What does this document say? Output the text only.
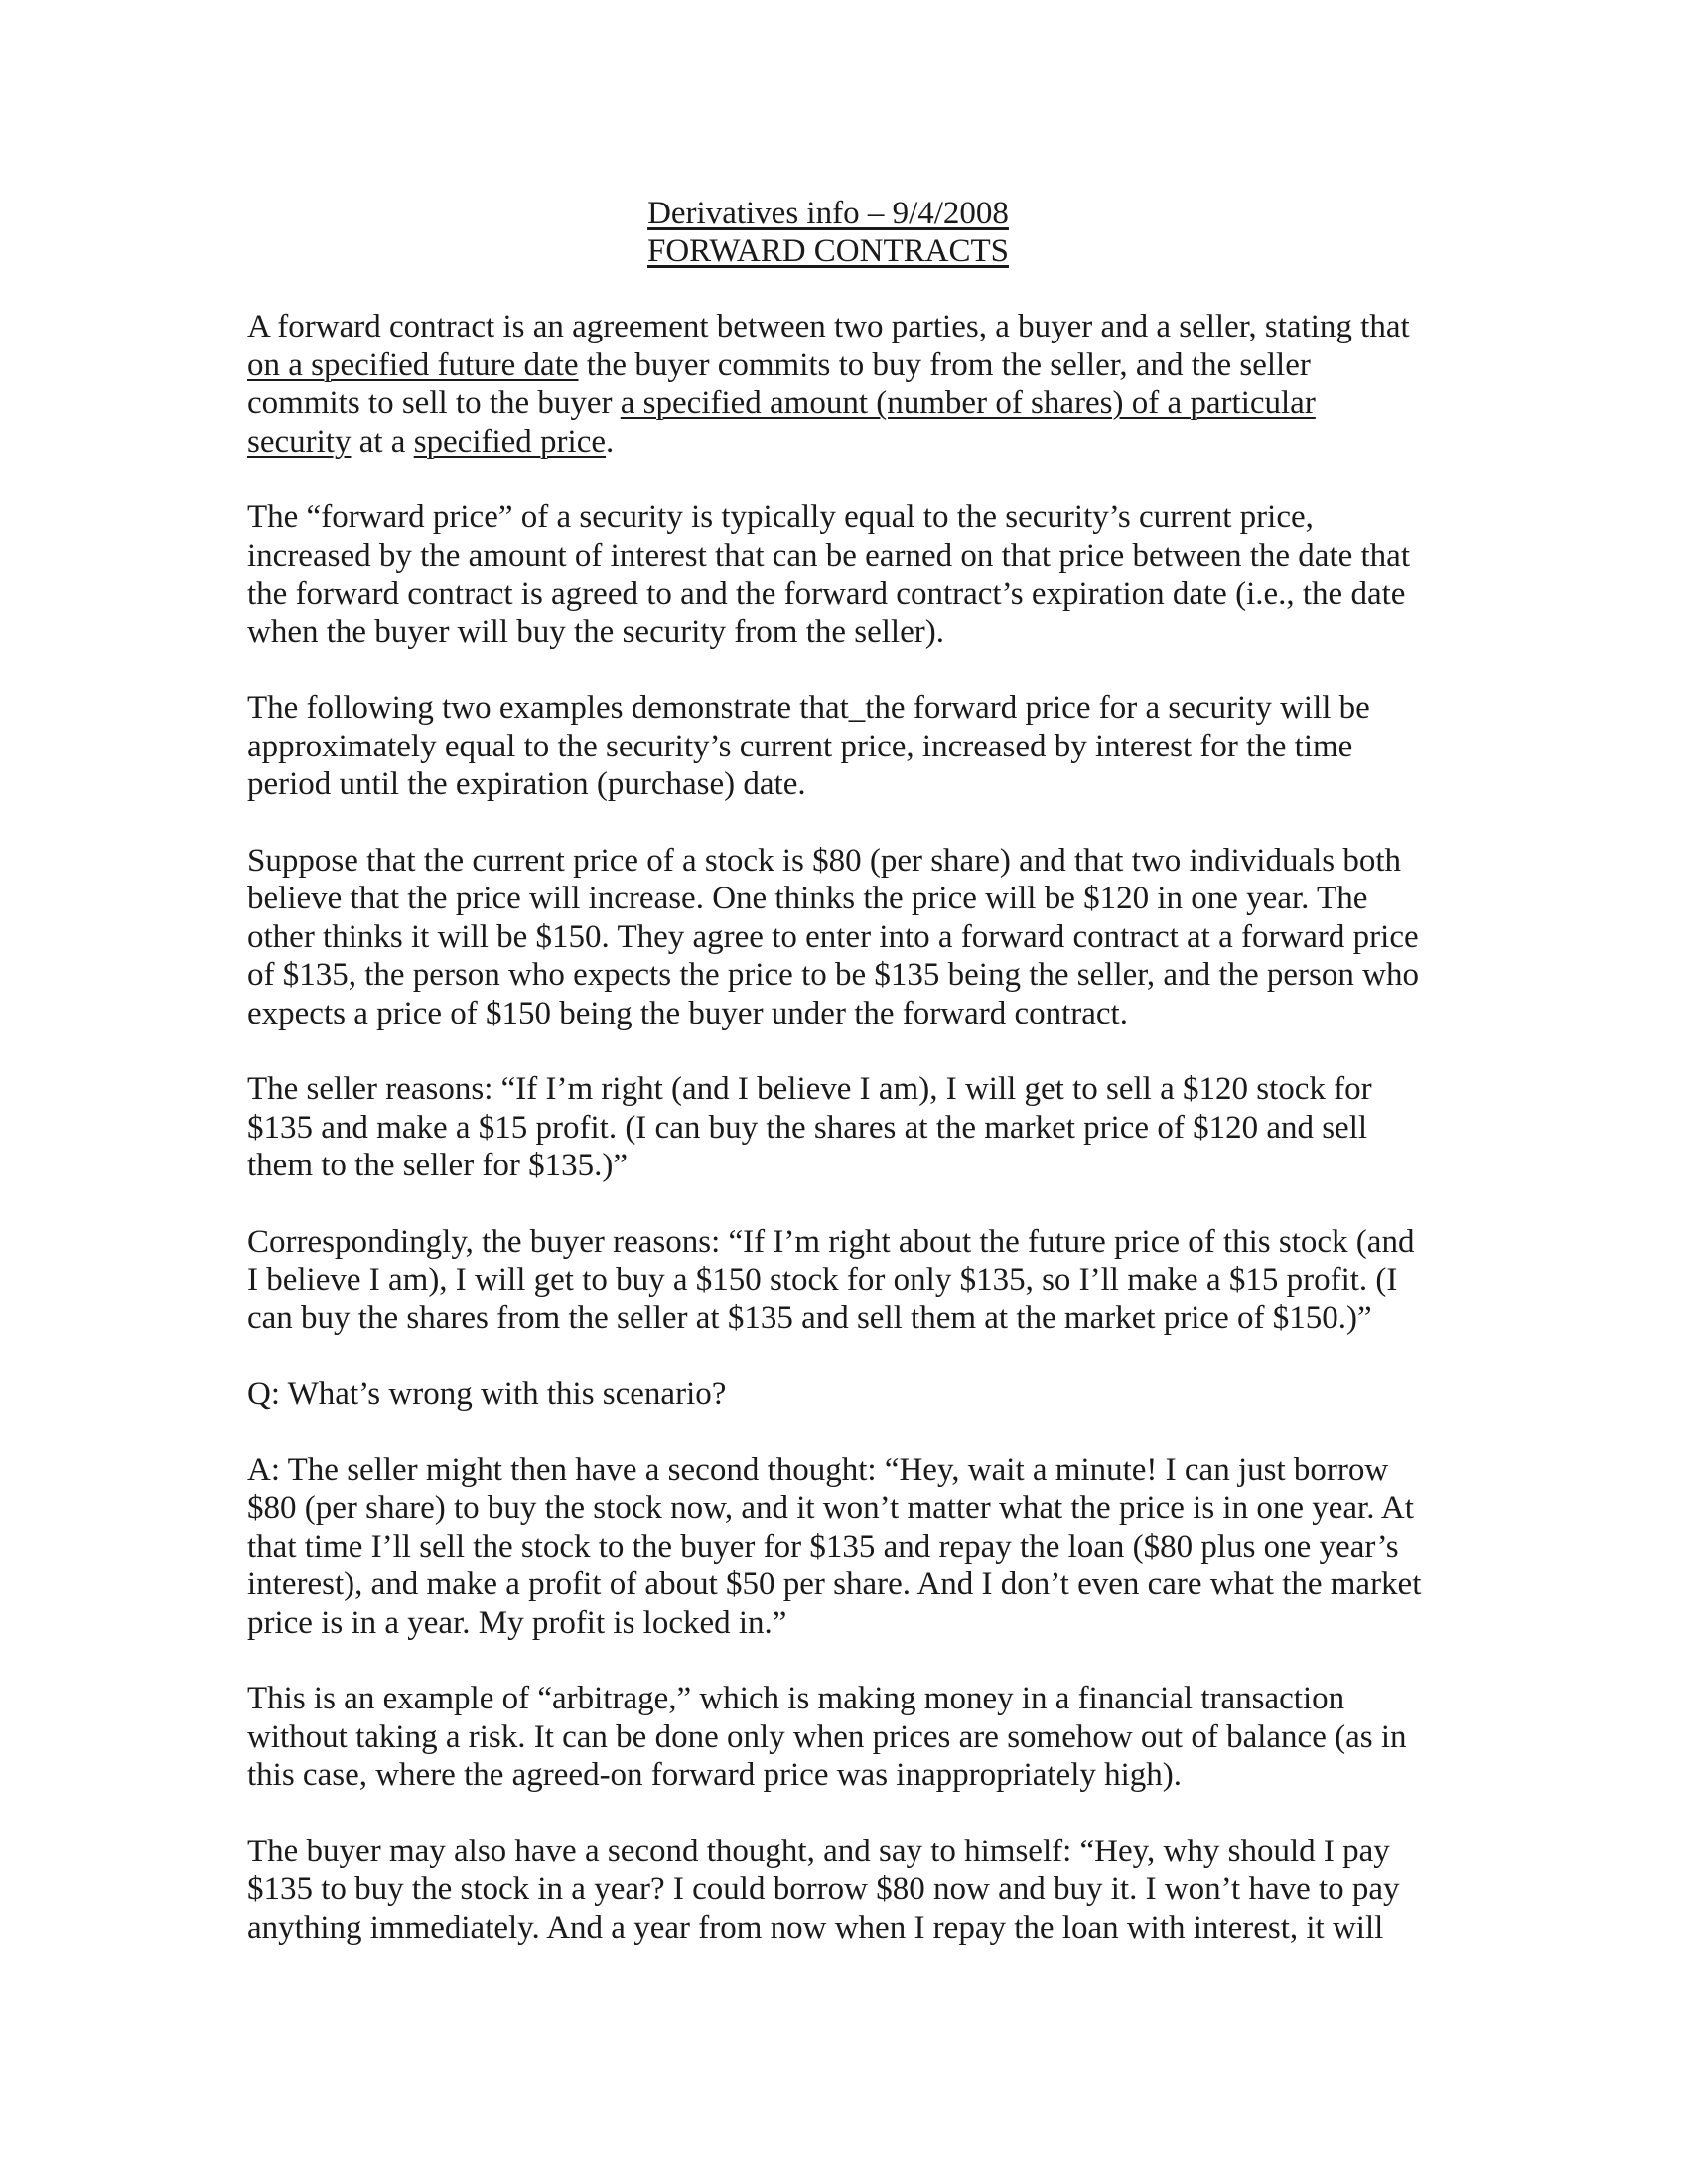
Derivatives info – 9/4/2008
FORWARD CONTRACTS

A forward contract is an agreement between two parties, a buyer and a seller, stating that
on a specified future date the buyer commits to buy from the seller, and the seller
commits to sell to the buyer a specified amount (number of shares) of a particular
security at a specified price.

The “forward price” of a security is typically equal to the security’s current price,
increased by the amount of interest that can be earned on that price between the date that
the forward contract is agreed to and the forward contract’s expiration date (i.e., the date
when the buyer will buy the security from the seller).

The following two examples demonstrate that_the forward price for a security will be
approximately equal to the security’s current price, increased by interest for the time
period until the expiration (purchase) date.

Suppose that the current price of a stock is $80 (per share) and that two individuals both
believe that the price will increase. One thinks the price will be $120 in one year. The
other thinks it will be $150. They agree to enter into a forward contract at a forward price
of $135, the person who expects the price to be $135 being the seller, and the person who
expects a price of $150 being the buyer under the forward contract.

The seller reasons: “If I’m right (and I believe I am), I will get to sell a $120 stock for
$135 and make a $15 profit. (I can buy the shares at the market price of $120 and sell
them to the seller for $135.)”

Correspondingly, the buyer reasons: “If I’m right about the future price of this stock (and
I believe I am), I will get to buy a $150 stock for only $135, so I’ll make a $15 profit. (I
can buy the shares from the seller at $135 and sell them at the market price of $150.)”

Q: What’s wrong with this scenario?

A: The seller might then have a second thought: “Hey, wait a minute! I can just borrow
$80 (per share) to buy the stock now, and it won’t matter what the price is in one year. At
that time I’ll sell the stock to the buyer for $135 and repay the loan ($80 plus one year’s
interest), and make a profit of about $50 per share. And I don’t even care what the market
price is in a year. My profit is locked in.”

This is an example of “arbitrage,” which is making money in a financial transaction
without taking a risk. It can be done only when prices are somehow out of balance (as in
this case, where the agreed-on forward price was inappropriately high).

The buyer may also have a second thought, and say to himself: “Hey, why should I pay
$135 to buy the stock in a year? I could borrow $80 now and buy it. I won’t have to pay
anything immediately. And a year from now when I repay the loan with interest, it will
